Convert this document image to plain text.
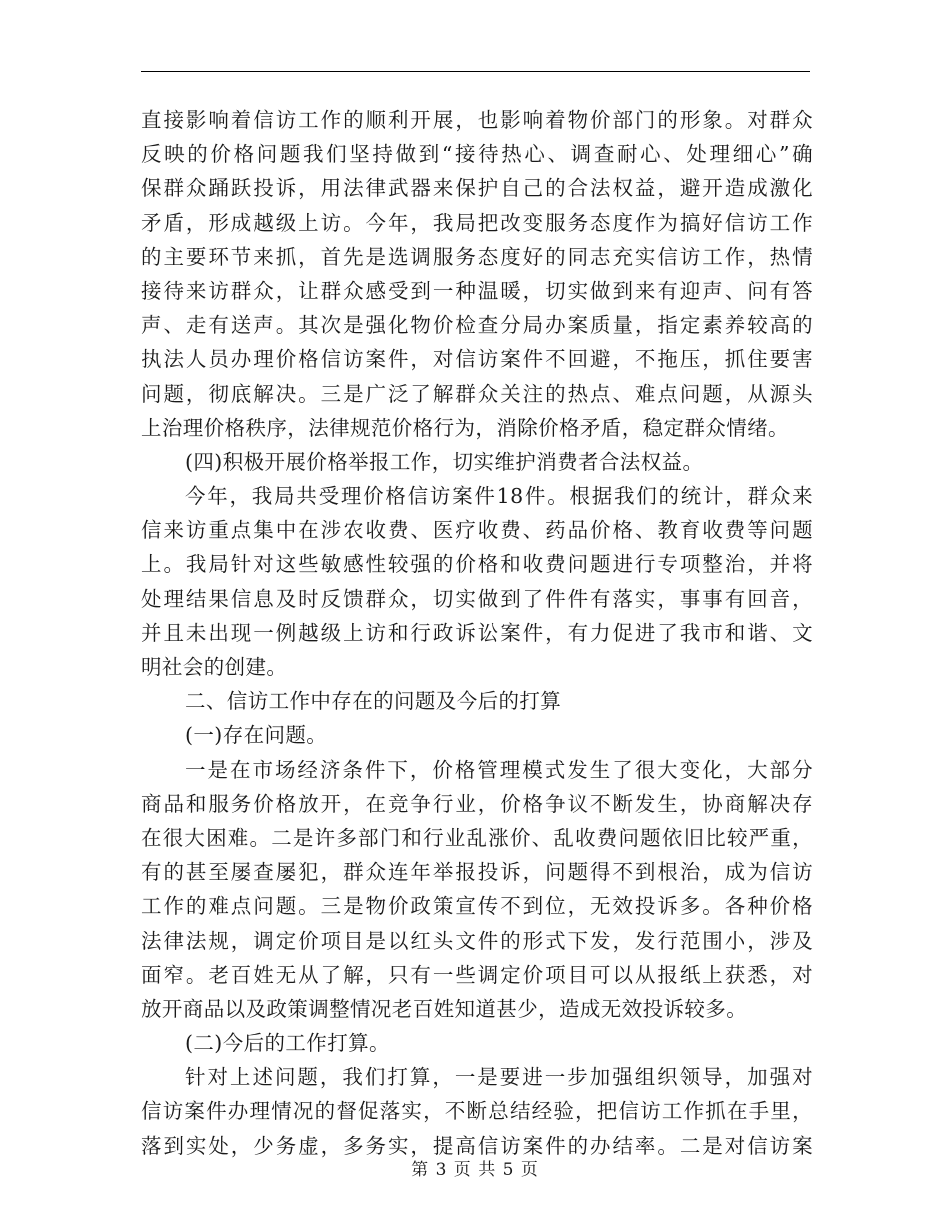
直接影响着信访工作的顺利开展，也影响着物价部门的形象。对群众
反映的价格问题我们坚持做到“接待热心、调查耐心、处理细心”确
保群众踊跃投诉，用法律武器来保护自己的合法权益，避开造成激化
矛盾，形成越级上访。今年，我局把改变服务态度作为搞好信访工作
的主要环节来抓，首先是选调服务态度好的同志充实信访工作，热情
接待来访群众，让群众感受到一种温暖，切实做到来有迎声、问有答
声、走有送声。其次是强化物价检查分局办案质量，指定素养较高的
执法人员办理价格信访案件，对信访案件不回避，不拖压，抓住要害
问题，彻底解决。三是广泛了解群众关注的热点、难点问题，从源头
上治理价格秩序，法律规范价格行为，消除价格矛盾，稳定群众情绪。
(四)积极开展价格举报工作，切实维护消费者合法权益。
今年，我局共受理价格信访案件18件。根据我们的统计，群众来
信来访重点集中在涉农收费、医疗收费、药品价格、教育收费等问题
上。我局针对这些敏感性较强的价格和收费问题进行专项整治，并将
处理结果信息及时反馈群众，切实做到了件件有落实，事事有回音，
并且未出现一例越级上访和行政诉讼案件，有力促进了我市和谐、文
明社会的创建。
二、信访工作中存在的问题及今后的打算
(一)存在问题。
一是在市场经济条件下，价格管理模式发生了很大变化，大部分
商品和服务价格放开，在竞争行业，价格争议不断发生，协商解决存
在很大困难。二是许多部门和行业乱涨价、乱收费问题依旧比较严重，
有的甚至屡查屡犯，群众连年举报投诉，问题得不到根治，成为信访
工作的难点问题。三是物价政策宣传不到位，无效投诉多。各种价格
法律法规，调定价项目是以红头文件的形式下发，发行范围小，涉及
面窄。老百姓无从了解，只有一些调定价项目可以从报纸上获悉，对
放开商品以及政策调整情况老百姓知道甚少，造成无效投诉较多。
(二)今后的工作打算。
针对上述问题，我们打算，一是要进一步加强组织领导，加强对
信访案件办理情况的督促落实，不断总结经验，把信访工作抓在手里，
落到实处，少务虚，多务实，提高信访案件的办结率。二是对信访案
第 3 页 共 5 页
